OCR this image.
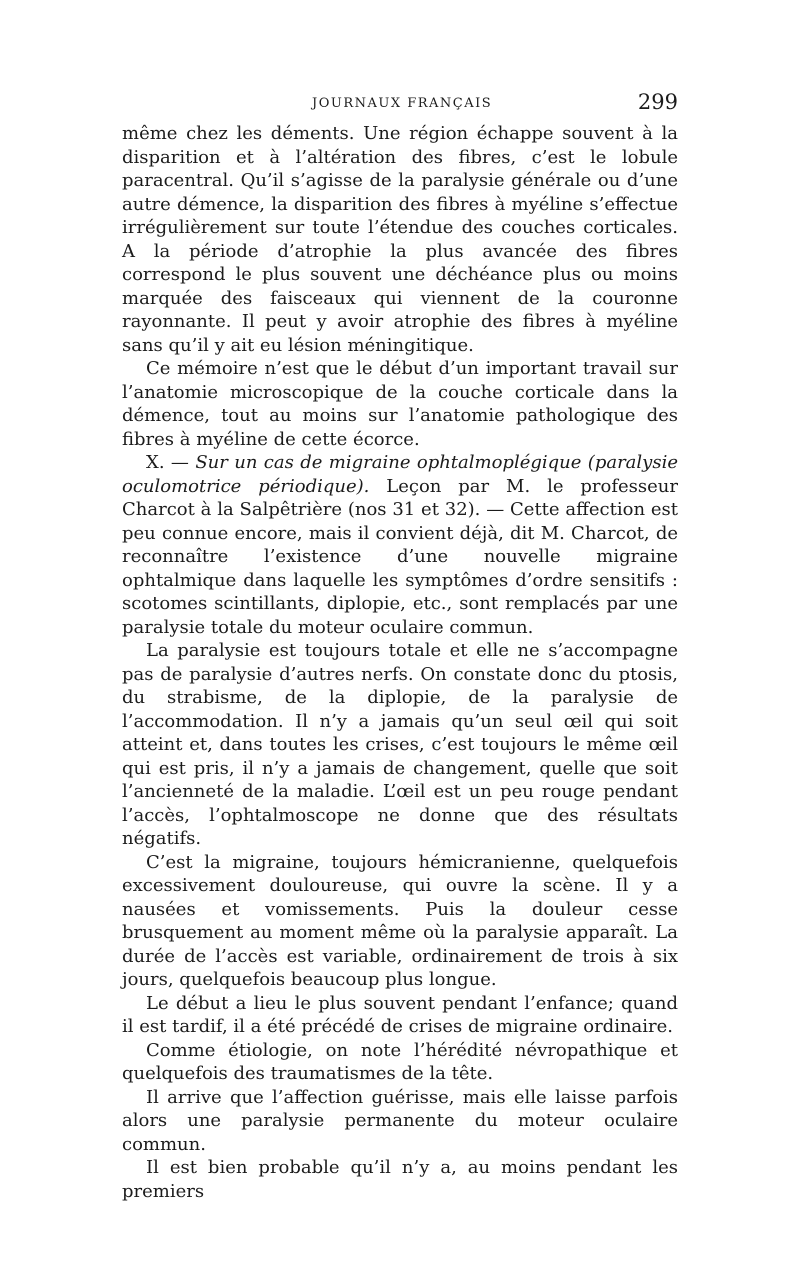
JOURNAUX FRANÇAIS	299

même chez les déments. Une région échappe souvent à la disparition et à l’altération des fibres, c’est le lobule paracentral. Qu’il s’agisse de la paralysie générale ou d’une autre démence, la disparition des fibres à myéline s’effectue irrégulièrement sur toute l’étendue des couches corticales. A la période d’atrophie la plus avancée des fibres correspond le plus souvent une déchéance plus ou moins marquée des faisceaux qui viennent de la couronne rayonnante. Il peut y avoir atrophie des fibres à myéline sans qu’il y ait eu lésion méningitique.

Ce mémoire n’est que le début d’un important travail sur l’anatomie microscopique de la couche corticale dans la démence, tout au moins sur l’anatomie pathologique des fibres à myéline de cette écorce.

X. — Sur un cas de migraine ophtalmoplégique (paralysie oculomotrice périodique). Leçon par M. le professeur Charcot à la Salpêtrière (nos 31 et 32). — Cette affection est peu connue encore, mais il convient déjà, dit M. Charcot, de reconnaître l’existence d’une nouvelle migraine ophtalmique dans laquelle les symptômes d’ordre sensitifs : scotomes scintillants, diplopie, etc., sont remplacés par une paralysie totale du moteur oculaire commun.

La paralysie est toujours totale et elle ne s’accompagne pas de paralysie d’autres nerfs. On constate donc du ptosis, du strabisme, de la diplopie, de la paralysie de l’accommodation. Il n’y a jamais qu’un seul œil qui soit atteint et, dans toutes les crises, c’est toujours le même œil qui est pris, il n’y a jamais de changement, quelle que soit l’ancienneté de la maladie. L’œil est un peu rouge pendant l’accès, l’ophtalmoscope ne donne que des résultats négatifs.

C’est la migraine, toujours hémicranienne, quelquefois excessivement douloureuse, qui ouvre la scène. Il y a nausées et vomissements. Puis la douleur cesse brusquement au moment même où la paralysie apparaît. La durée de l’accès est variable, ordinairement de trois à six jours, quelquefois beaucoup plus longue.

Le début a lieu le plus souvent pendant l’enfance; quand il est tardif, il a été précédé de crises de migraine ordinaire.

Comme étiologie, on note l’hérédité névropathique et quelquefois des traumatismes de la tête.

Il arrive que l’affection guérisse, mais elle laisse parfois alors une paralysie permanente du moteur oculaire commun.

Il est bien probable qu’il n’y a, au moins pendant les premiers
